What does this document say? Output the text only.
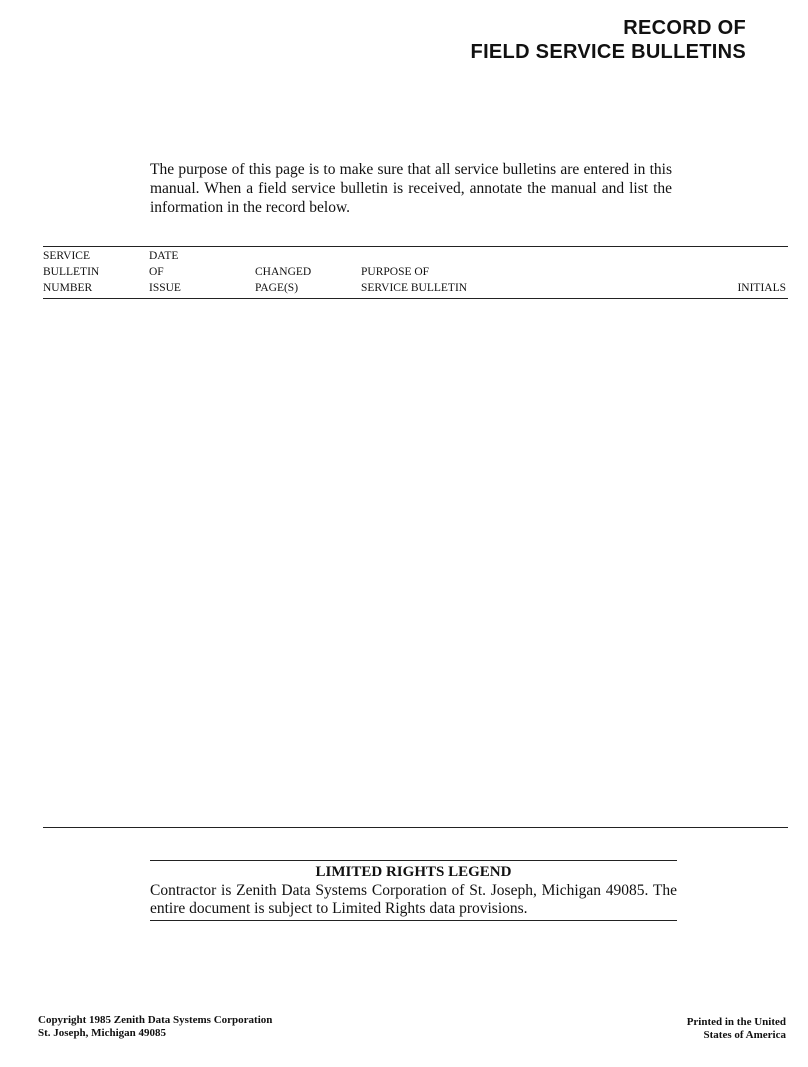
RECORD OF
FIELD SERVICE BULLETINS
The purpose of this page is to make sure that all service bulletins are entered in this manual. When a field service bulletin is received, annotate the manual and list the information in the record below.
SERVICE
BULLETIN
NUMBER
DATE
OF
ISSUE
CHANGED
PAGE(S)
PURPOSE OF
SERVICE BULLETIN	INITIALS
LIMITED RIGHTS LEGEND
Contractor is Zenith Data Systems Corporation of St. Joseph, Michigan 49085. The entire document is subject to Limited Rights data provisions.
Copyright 1985 Zenith Data Systems Corporation
St. Joseph, Michigan 49085
Printed in the United
States of America
